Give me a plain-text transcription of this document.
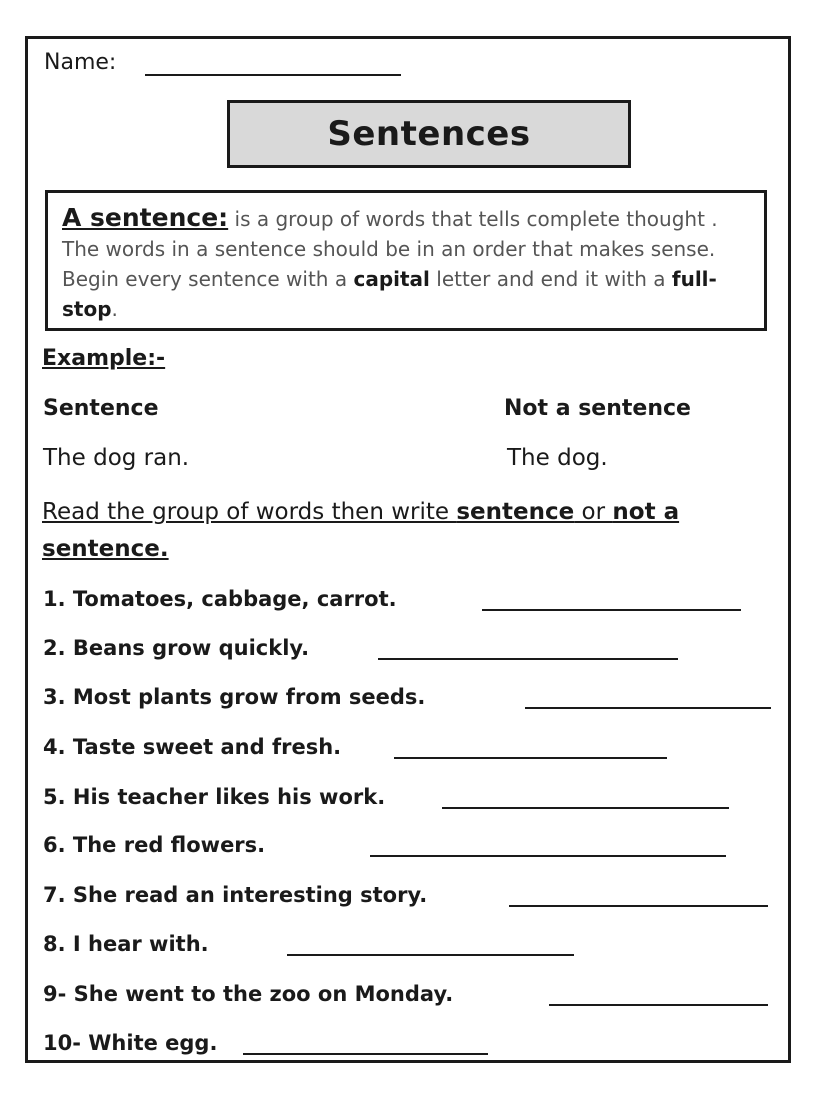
Name:
Sentences
A sentence: is a group of words that tells complete thought . The words in a sentence should be in an order that makes sense. Begin every sentence with a capital letter and end it with a full-stop.
Example:-
Sentence	Not a sentence
The dog ran.	The dog.
Read the group of words then write sentence or not a sentence.
1. Tomatoes, cabbage, carrot.
2. Beans grow quickly.
3. Most plants grow from seeds.
4. Taste sweet and fresh.
5. His teacher likes his work.
6. The red flowers.
7. She read an interesting story.
8. I hear with.
9- She went to the zoo on Monday.
10- White egg.
